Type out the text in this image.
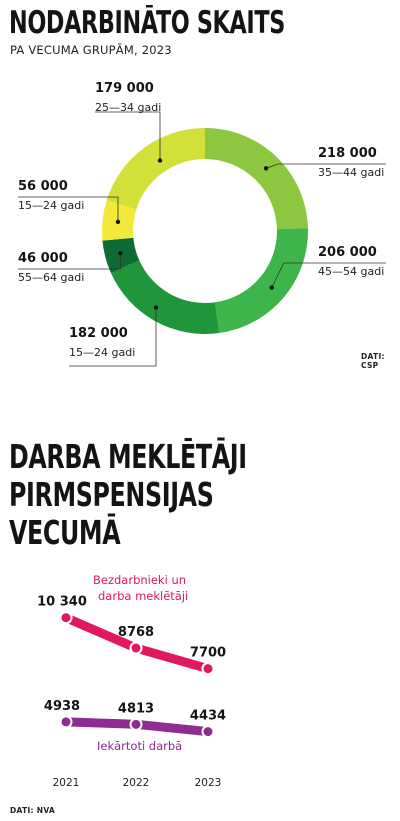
NODARBINĀTO SKAITS
PA VECUMA GRUPĀM, 2023
218 000
35—44 gadi
206 000
45—54 gadi
182 000
15—24 gadi
46 000
55—64 gadi
56 000
15—24 gadi
179 000
25—34 gadi
DATI: CSP
DARBA MEKLĒTĀJI
PIRMSPENSIJAS
VECUMĀ
10 340
8768
7700
4938	4813	4434
Bezdarbnieki un
darba meklētāji
Iekārtoti darbā
2021	2022	2023
DATI: NVA
